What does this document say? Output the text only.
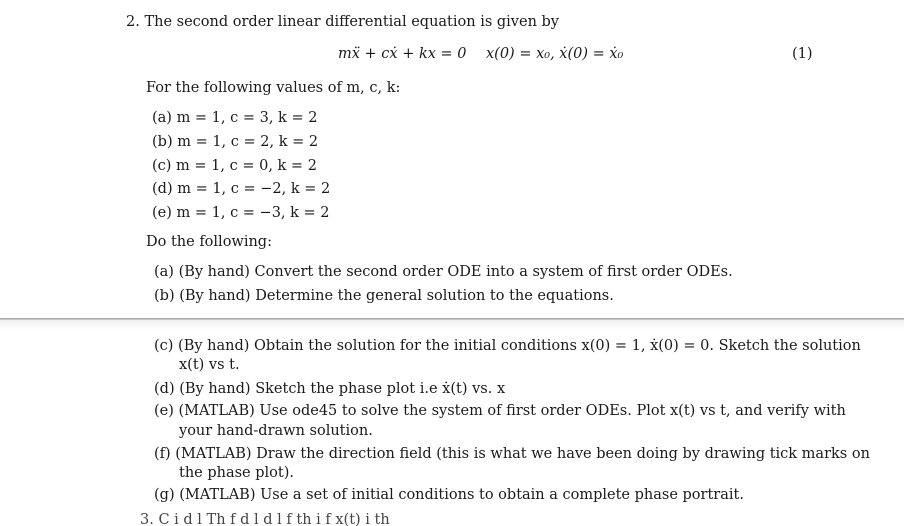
2. The second order linear differential equation is given by
mẍ + cẋ + kx = 0 x(0) = x₀, ẋ(0) = ẋ₀	(1)
For the following values of m, c, k:
(a) m = 1, c = 3, k = 2
(b) m = 1, c = 2, k = 2
(c) m = 1, c = 0, k = 2
(d) m = 1, c = −2, k = 2
(e) m = 1, c = −3, k = 2
Do the following:
(a) (By hand) Convert the second order ODE into a system of first order ODEs.
(b) (By hand) Determine the general solution to the equations.
(c) (By hand) Obtain the solution for the initial conditions x(0) = 1, ẋ(0) = 0. Sketch the solution
x(t) vs t.
(d) (By hand) Sketch the phase plot i.e ẋ(t) vs. x
(e) (MATLAB) Use ode45 to solve the system of first order ODEs. Plot x(t) vs t, and verify with
your hand-drawn solution.
(f) (MATLAB) Draw the direction field (this is what we have been doing by drawing tick marks on
the phase plot).
(g) (MATLAB) Use a set of initial conditions to obtain a complete phase portrait.
3. C i d l Th f d l d l f th i f x(t) i th
